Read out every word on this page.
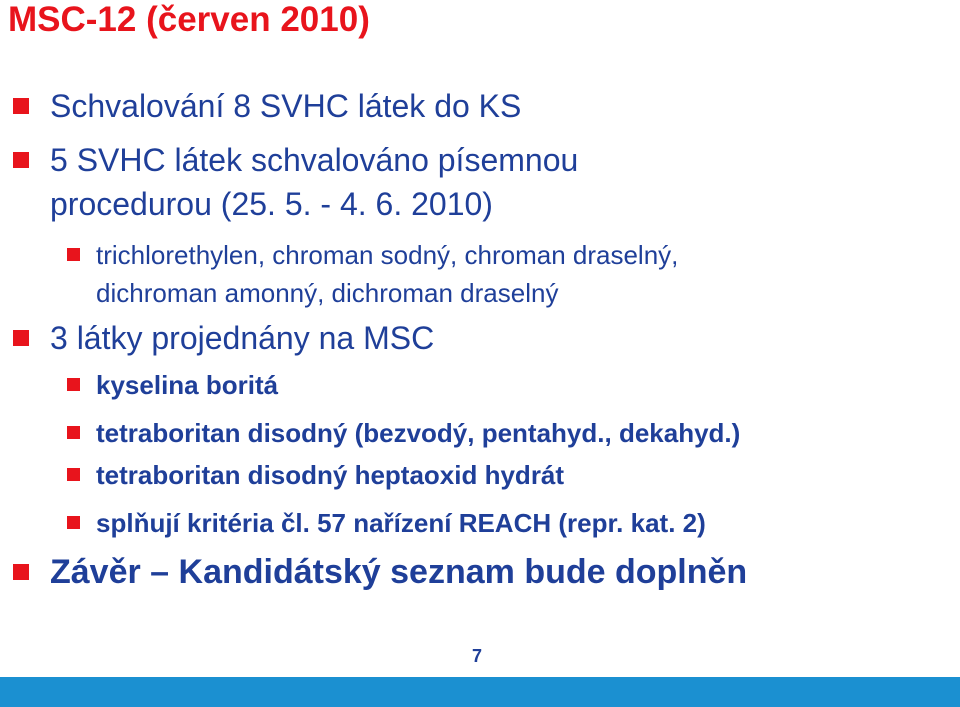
MSC-12 (červen 2010)
Schvalování 8 SVHC látek do KS
5 SVHC látek schvalováno písemnou
procedurou (25. 5. - 4. 6. 2010)
trichlorethylen, chroman sodný, chroman draselný,
dichroman amonný, dichroman draselný
3 látky projednány na MSC
kyselina boritá
tetraboritan disodný (bezvodý, pentahyd., dekahyd.)
tetraboritan disodný heptaoxid hydrát
splňují kritéria čl. 57 nařízení REACH (repr. kat. 2)
Závěr – Kandidátský seznam bude doplněn
7
